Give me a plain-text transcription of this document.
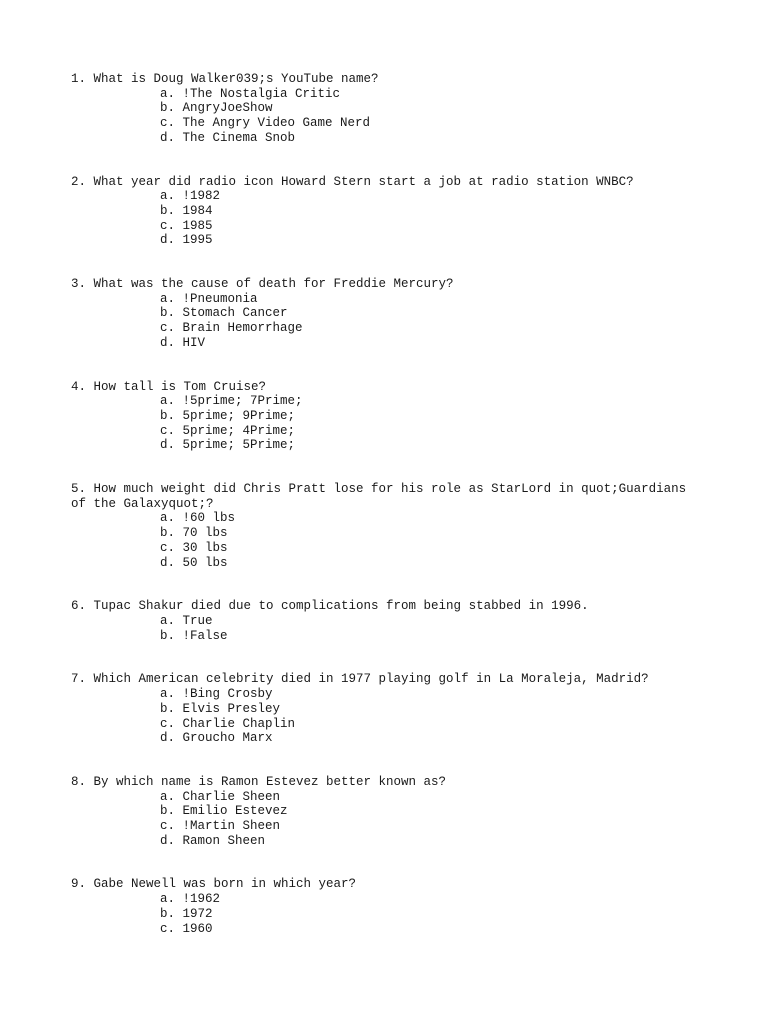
1. What is Doug Walker039;s YouTube name?

a. !The Nostalgia Critic
b. AngryJoeShow
c. The Angry Video Game Nerd
d. The Cinema Snob

2. What year did radio icon Howard Stern start a job at radio station WNBC?

a. !1982
b. 1984
c. 1985
d. 1995

3. What was the cause of death for Freddie Mercury?

a. !Pneumonia
b. Stomach Cancer
c. Brain Hemorrhage
d. HIV

4. How tall is Tom Cruise?

a. !5prime; 7Prime;
b. 5prime; 9Prime;
c. 5prime; 4Prime;
d. 5prime; 5Prime;

5. How much weight did Chris Pratt lose for his role as StarLord in quot;Guardians of the Galaxyquot;?

a. !60 lbs
b. 70 lbs
c. 30 lbs
d. 50 lbs

6. Tupac Shakur died due to complications from being stabbed in 1996.

a. True
b. !False

7. Which American celebrity died in 1977 playing golf in La Moraleja, Madrid?

a. !Bing Crosby
b. Elvis Presley
c. Charlie Chaplin
d. Groucho Marx

8. By which name is Ramon Estevez better known as?

a. Charlie Sheen
b. Emilio Estevez
c. !Martin Sheen
d. Ramon Sheen

9. Gabe Newell was born in which year?

a. !1962
b. 1972
c. 1960
